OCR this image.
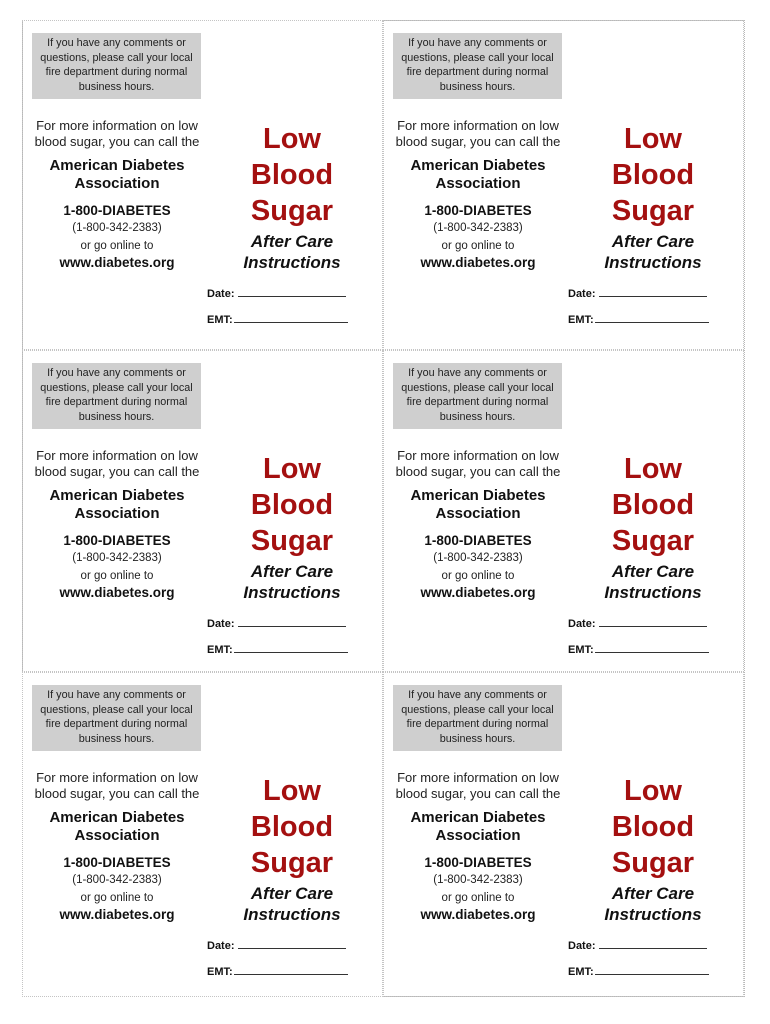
If you have any comments or questions, please call your local fire department during normal business hours.
For more information on low blood sugar, you can call the
American Diabetes Association
1-800-DIABETES
(1-800-342-2383)
or go online to
www.diabetes.org
Low
Blood
Sugar
After Care
Instructions
Date:
EMT:
If you have any comments or questions, please call your local fire department during normal business hours.
For more information on low blood sugar, you can call the
American Diabetes Association
1-800-DIABETES
(1-800-342-2383)
or go online to
www.diabetes.org
Low
Blood
Sugar
After Care
Instructions
Date:
EMT:
If you have any comments or questions, please call your local fire department during normal business hours.
For more information on low blood sugar, you can call the
American Diabetes Association
1-800-DIABETES
(1-800-342-2383)
or go online to
www.diabetes.org
Low
Blood
Sugar
After Care
Instructions
Date:
EMT:
If you have any comments or questions, please call your local fire department during normal business hours.
For more information on low blood sugar, you can call the
American Diabetes Association
1-800-DIABETES
(1-800-342-2383)
or go online to
www.diabetes.org
Low
Blood
Sugar
After Care
Instructions
Date:
EMT:
If you have any comments or questions, please call your local fire department during normal business hours.
For more information on low blood sugar, you can call the
American Diabetes Association
1-800-DIABETES
(1-800-342-2383)
or go online to
www.diabetes.org
Low
Blood
Sugar
After Care
Instructions
Date:
EMT:
If you have any comments or questions, please call your local fire department during normal business hours.
For more information on low blood sugar, you can call the
American Diabetes Association
1-800-DIABETES
(1-800-342-2383)
or go online to
www.diabetes.org
Low
Blood
Sugar
After Care
Instructions
Date:
EMT:
